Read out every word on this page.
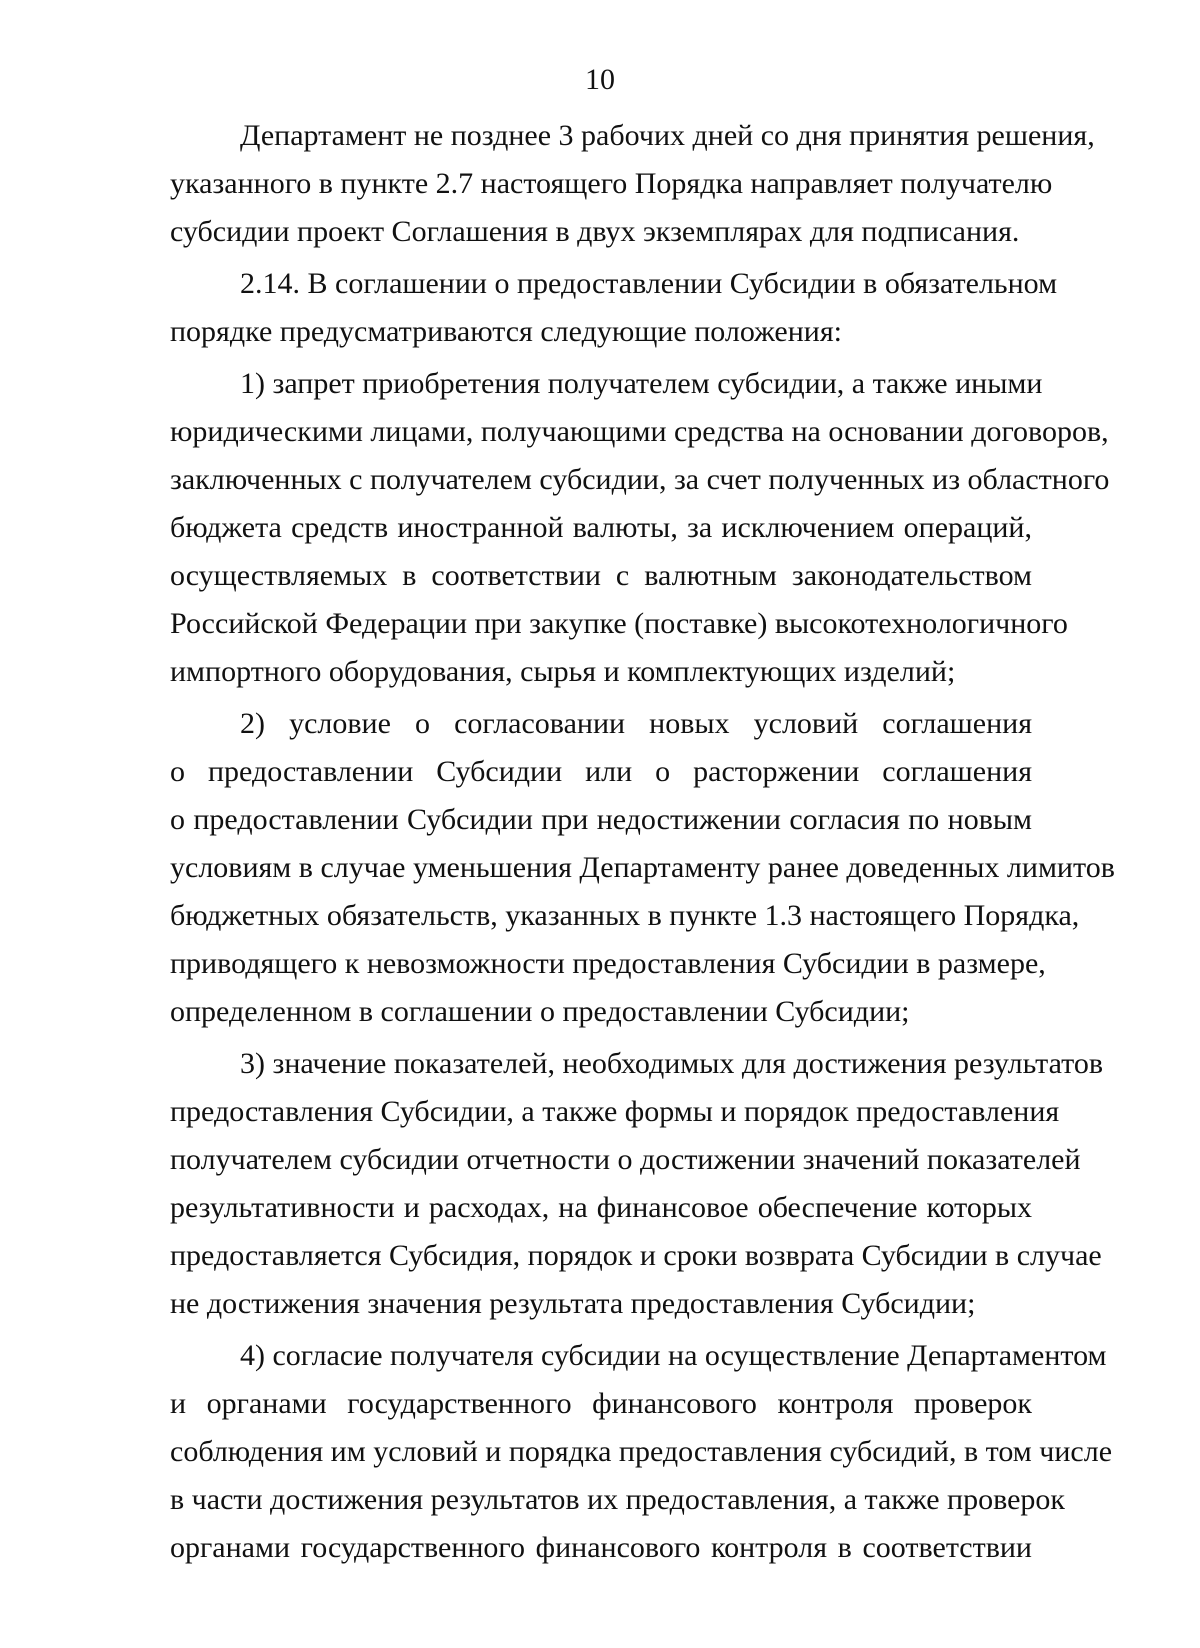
10
Департамент не позднее 3 рабочих дней со дня принятия решения,
указанного в пункте 2.7 настоящего Порядка направляет получателю
субсидии проект Соглашения в двух экземплярах для подписания.
2.14. В соглашении о предоставлении Субсидии в обязательном
порядке предусматриваются следующие положения:
1) запрет приобретения получателем субсидии, а также иными
юридическими лицами, получающими средства на основании договоров,
заключенных с получателем субсидии, за счет полученных из областного
бюджета средств иностранной валюты, за исключением операций,
осуществляемых в соответствии с валютным законодательством
Российской Федерации при закупке (поставке) высокотехнологичного
импортного оборудования, сырья и комплектующих изделий;
2) условие о согласовании новых условий соглашения
о предоставлении Субсидии или о расторжении соглашения
о предоставлении Субсидии при недостижении согласия по новым
условиям в случае уменьшения Департаменту ранее доведенных лимитов
бюджетных обязательств, указанных в пункте 1.3 настоящего Порядка,
приводящего к невозможности предоставления Субсидии в размере,
определенном в соглашении о предоставлении Субсидии;
3) значение показателей, необходимых для достижения результатов
предоставления Субсидии, а также формы и порядок предоставления
получателем субсидии отчетности о достижении значений показателей
результативности и расходах, на финансовое обеспечение которых
предоставляется Субсидия, порядок и сроки возврата Субсидии в случае
не достижения значения результата предоставления Субсидии;
4) согласие получателя субсидии на осуществление Департаментом
и органами государственного финансового контроля проверок
соблюдения им условий и порядка предоставления субсидий, в том числе
в части достижения результатов их предоставления, а также проверок
органами государственного финансового контроля в соответствии
